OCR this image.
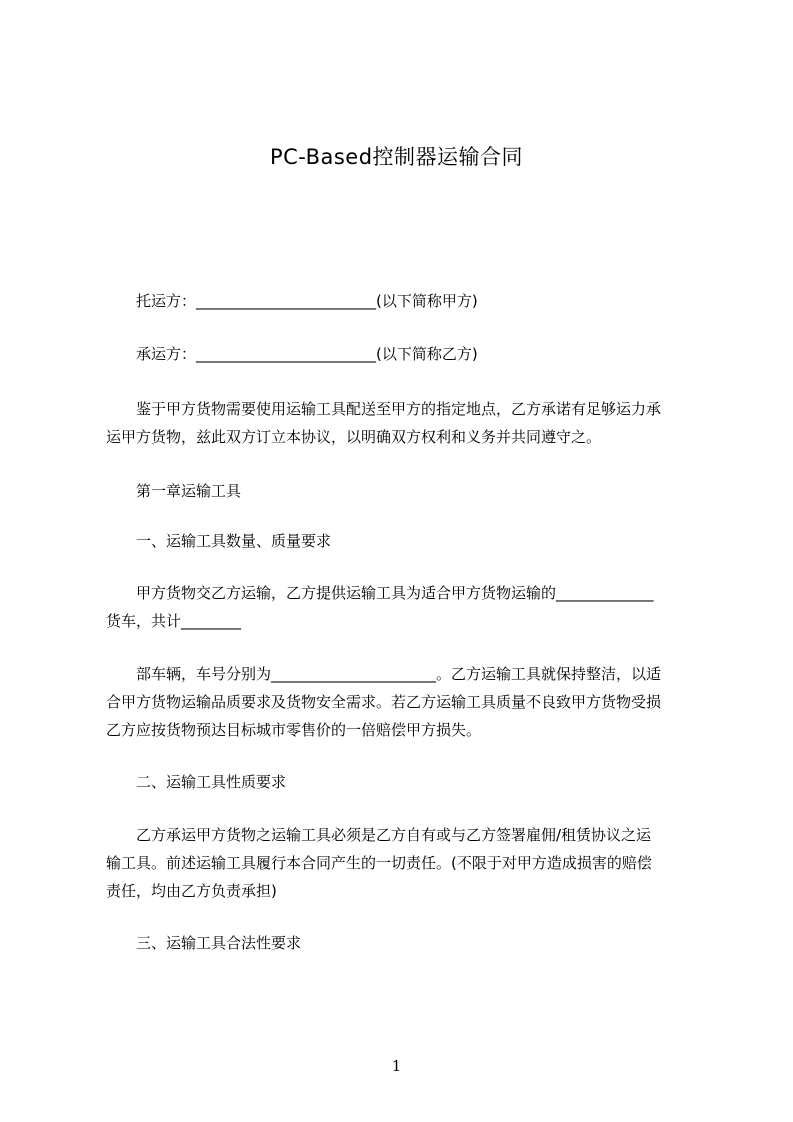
PC-Based控制器运输合同
托运方：________________________(以下简称甲方)
承运方：________________________(以下简称乙方)
鉴于甲方货物需要使用运输工具配送至甲方的指定地点，乙方承诺有足够运力承
运甲方货物，兹此双方订立本协议，以明确双方权利和义务并共同遵守之。
第一章运输工具
一、运输工具数量、质量要求
甲方货物交乙方运输，乙方提供运输工具为适合甲方货物运输的_____________
货车，共计________
部车辆，车号分别为______________________。乙方运输工具就保持整洁，以适
合甲方货物运输品质要求及货物安全需求。若乙方运输工具质量不良致甲方货物受损
乙方应按货物预达目标城市零售价的一倍赔偿甲方损失。
二、运输工具性质要求
乙方承运甲方货物之运输工具必须是乙方自有或与乙方签署雇佣/租赁协议之运
输工具。前述运输工具履行本合同产生的一切责任。(不限于对甲方造成损害的赔偿
责任，均由乙方负责承担)
三、运输工具合法性要求
1
